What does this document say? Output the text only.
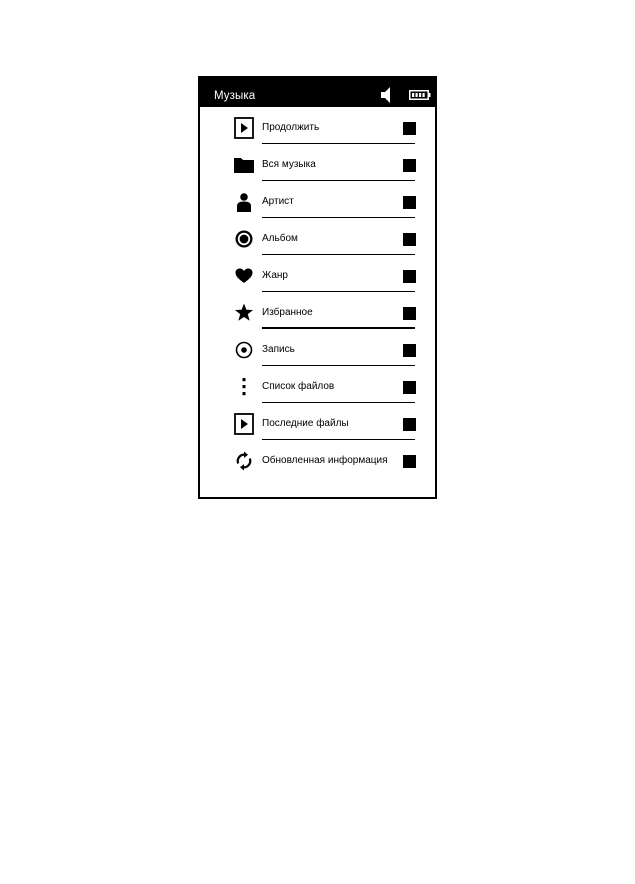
Музыка
Продолжить
Вся музыка
Артист
Альбом
Жанр
Избранное
Запись
Список файлов
Последние файлы
Обновленная информация
